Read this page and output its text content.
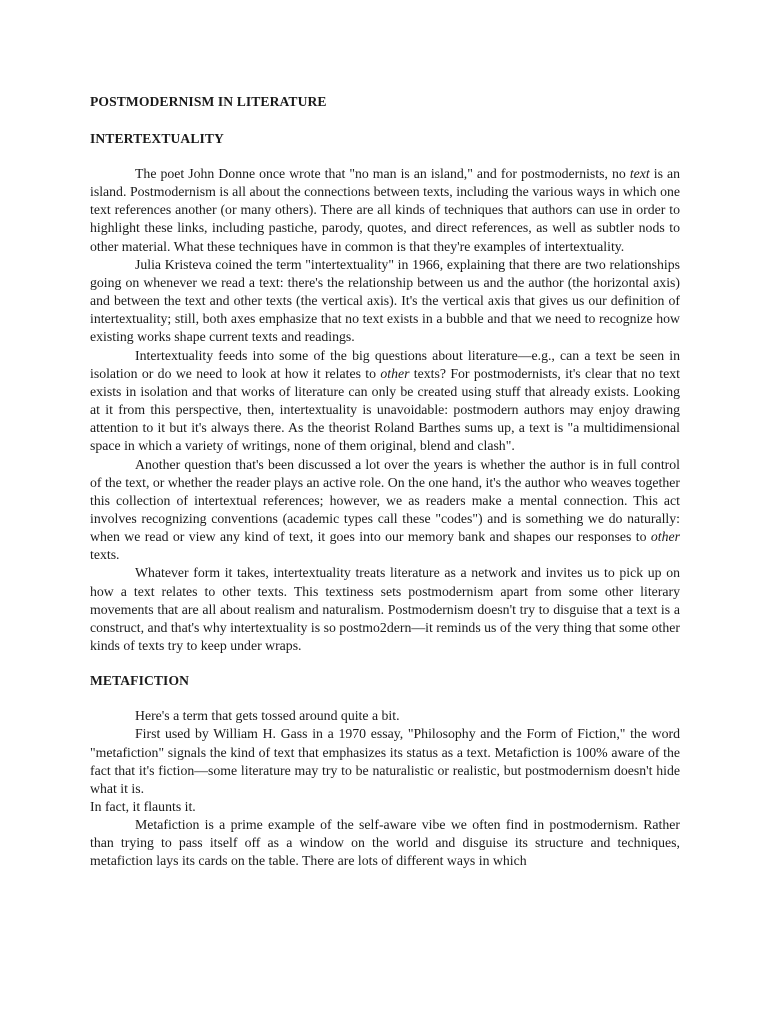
POSTMODERNISM IN LITERATURE
INTERTEXTUALITY

The poet John Donne once wrote that "no man is an island," and for postmodernists, no text is an island. Postmodernism is all about the connections between texts, including the various ways in which one text references another (or many others). There are all kinds of techniques that authors can use in order to highlight these links, including pastiche, parody, quotes, and direct references, as well as subtler nods to other material. What these techniques have in common is that they're examples of intertextuality.

Julia Kristeva coined the term "intertextuality" in 1966, explaining that there are two relationships going on whenever we read a text: there's the relationship between us and the author (the horizontal axis) and between the text and other texts (the vertical axis). It's the vertical axis that gives us our definition of intertextuality; still, both axes emphasize that no text exists in a bubble and that we need to recognize how existing works shape current texts and readings.

Intertextuality feeds into some of the big questions about literature—e.g., can a text be seen in isolation or do we need to look at how it relates to other texts? For postmodernists, it's clear that no text exists in isolation and that works of literature can only be created using stuff that already exists. Looking at it from this perspective, then, intertextuality is unavoidable: postmodern authors may enjoy drawing attention to it but it's always there. As the theorist Roland Barthes sums up, a text is "a multidimensional space in which a variety of writings, none of them original, blend and clash".

Another question that's been discussed a lot over the years is whether the author is in full control of the text, or whether the reader plays an active role. On the one hand, it's the author who weaves together this collection of intertextual references; however, we as readers make a mental connection. This act involves recognizing conventions (academic types call these "codes") and is something we do naturally: when we read or view any kind of text, it goes into our memory bank and shapes our responses to other texts.

Whatever form it takes, intertextuality treats literature as a network and invites us to pick up on how a text relates to other texts. This textiness sets postmodernism apart from some other literary movements that are all about realism and naturalism. Postmodernism doesn't try to disguise that a text is a construct, and that's why intertextuality is so postmo2dern—it reminds us of the very thing that some other kinds of texts try to keep under wraps.

METAFICTION

Here's a term that gets tossed around quite a bit.

First used by William H. Gass in a 1970 essay, "Philosophy and the Form of Fiction," the word "metafiction" signals the kind of text that emphasizes its status as a text. Metafiction is 100% aware of the fact that it's fiction—some literature may try to be naturalistic or realistic, but postmodernism doesn't hide what it is.

In fact, it flaunts it.

Metafiction is a prime example of the self-aware vibe we often find in postmodernism. Rather than trying to pass itself off as a window on the world and disguise its structure and techniques, metafiction lays its cards on the table. There are lots of different ways in which
